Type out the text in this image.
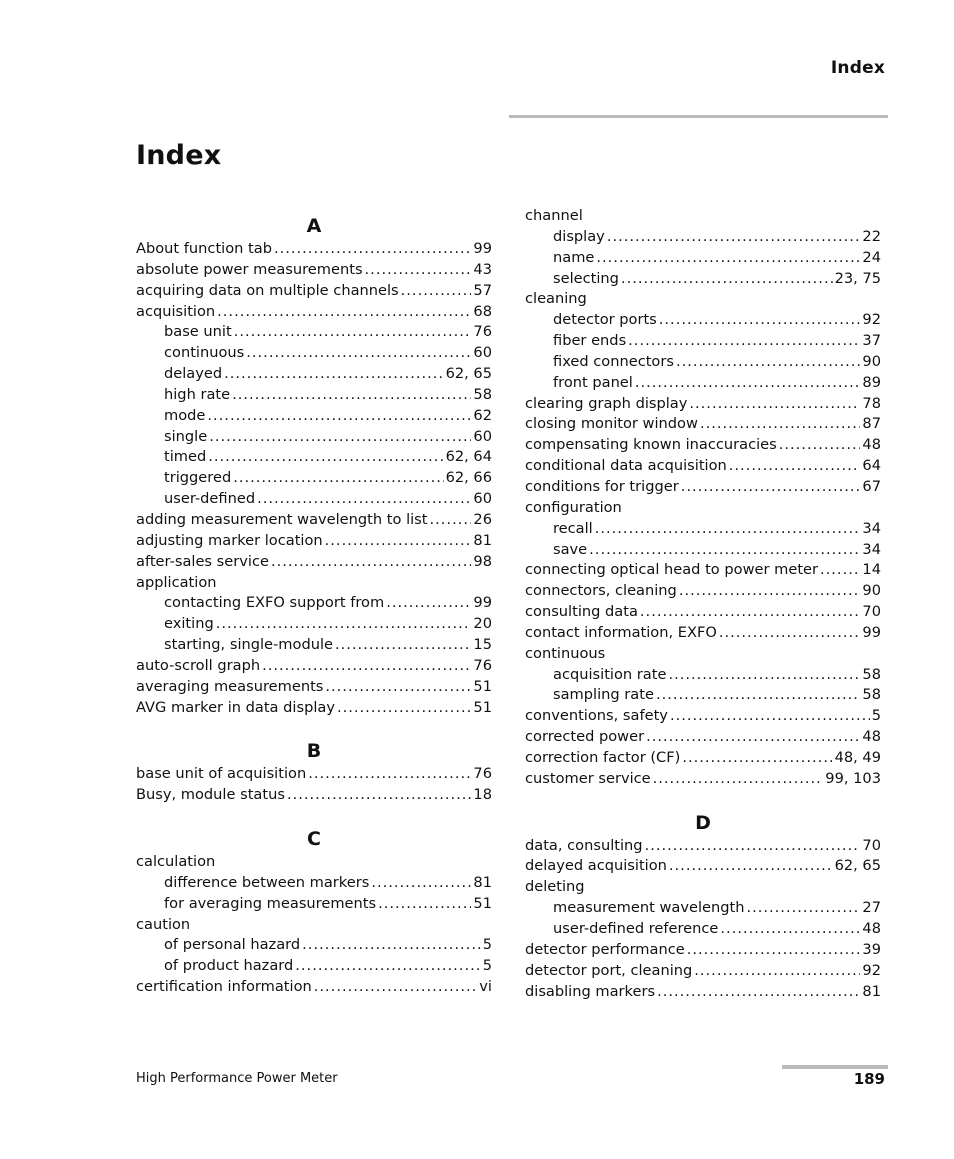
Index
Index
A
About function tab .....	99
absolute power measurements .....	43
acquiring data on multiple channels .....	57
acquisition .....	68
base unit .....	76
continuous .....	60
delayed .....	62, 65
high rate .....	58
mode .....	62
single .....	60
timed .....	62, 64
triggered .....	62, 66
user-defined .....	60
adding measurement wavelength to list .....	26
adjusting marker location .....	81
after-sales service .....	98
application
contacting EXFO support from .....	99
exiting .....	20
starting, single-module .....	15
auto-scroll graph .....	76
averaging measurements .....	51
AVG marker in data display .....	51
B
base unit of acquisition .....	76
Busy, module status .....	18
C
calculation
difference between markers .....	81
for averaging measurements .....	51
caution
of personal hazard .....	5
of product hazard .....	5
certification information .....	vi
channel
display .....	22
name .....	24
selecting .....	23, 75
cleaning
detector ports .....	92
fiber ends .....	37
fixed connectors .....	90
front panel .....	89
clearing graph display .....	78
closing monitor window .....	87
compensating known inaccuracies .....	48
conditional data acquisition .....	64
conditions for trigger .....	67
configuration
recall .....	34
save .....	34
connecting optical head to power meter .....	14
connectors, cleaning .....	90
consulting data .....	70
contact information, EXFO .....	99
continuous
acquisition rate .....	58
sampling rate .....	58
conventions, safety .....	5
corrected power .....	48
correction factor (CF) .....	48, 49
customer service .....	99, 103
D
data, consulting .....	70
delayed acquisition .....	62, 65
deleting
measurement wavelength .....	27
user-defined reference .....	48
detector performance .....	39
detector port, cleaning .....	92
disabling markers .....	81
High Performance Power Meter	189
